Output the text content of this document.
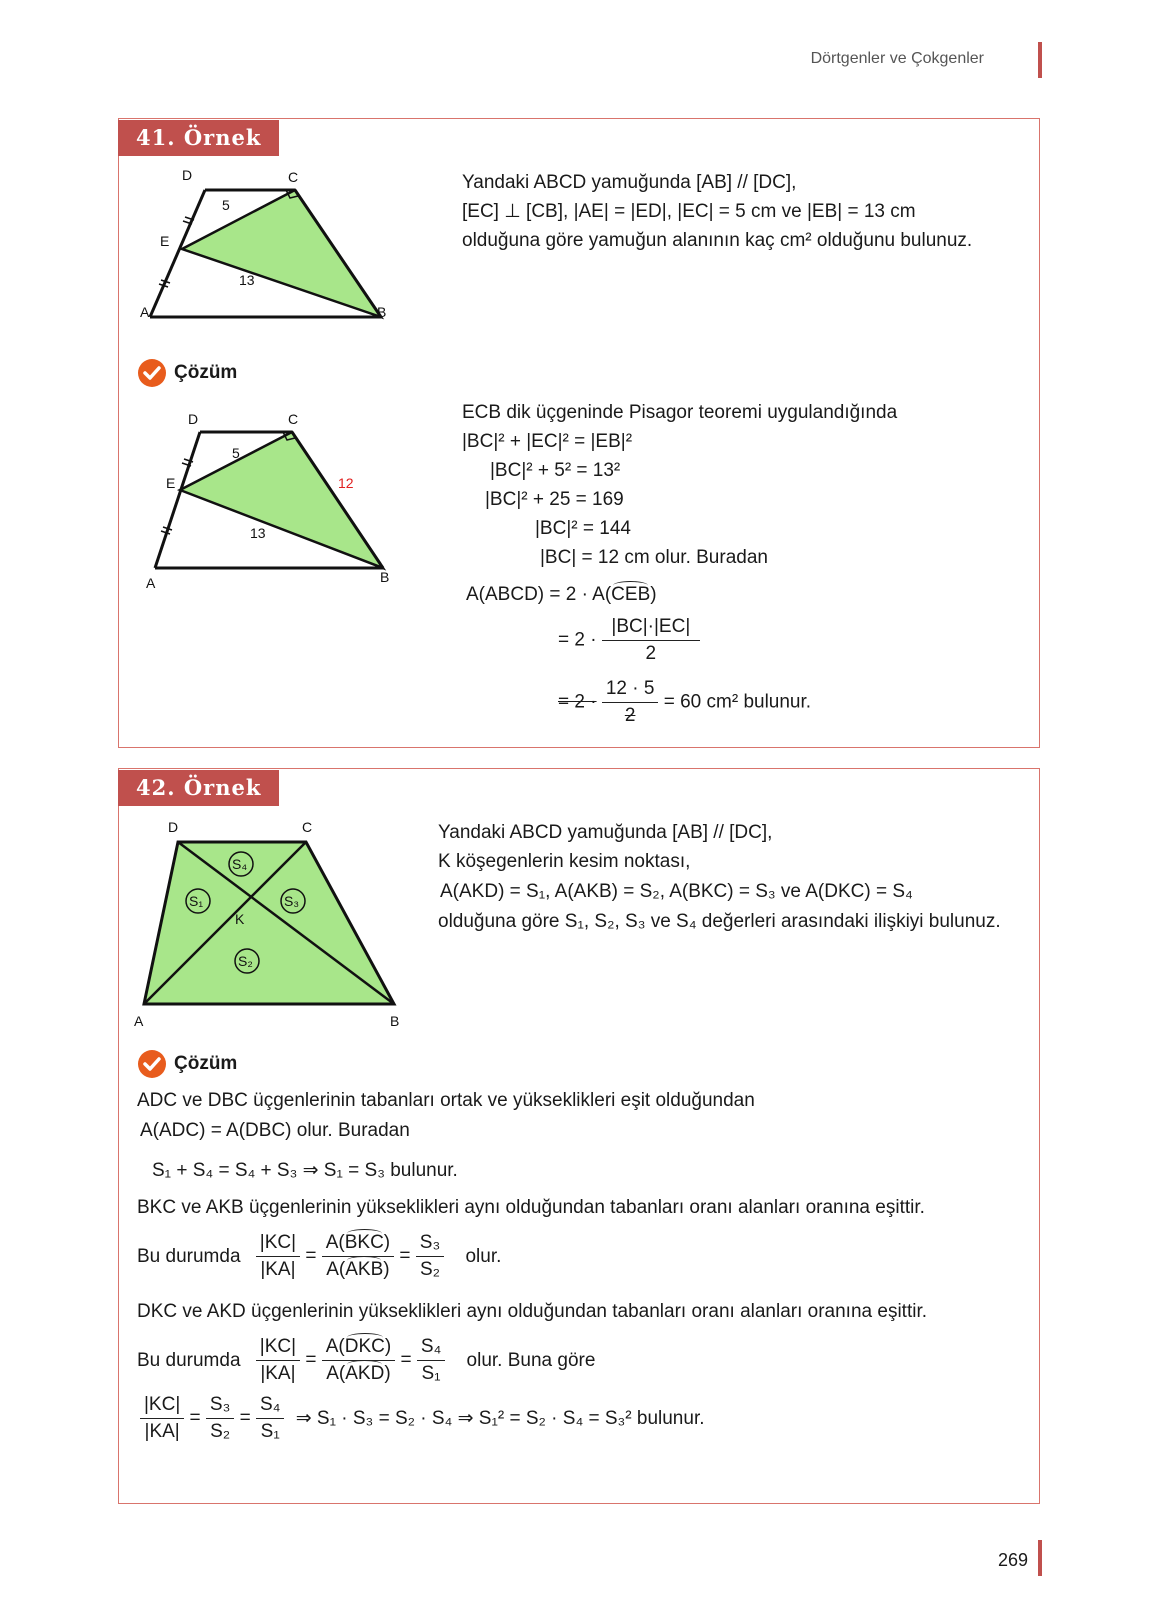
Dörtgenler ve Çokgenler
41. Örnek
D	C
E
A	B
5
13
Yandaki ABCD yamuğunda [AB] // [DC],
[EC] ⊥ [CB], |AE| = |ED|, |EC| = 5 cm ve |EB| = 13 cm
olduğuna göre yamuğun alanının kaç cm² olduğunu bulunuz.
Çözüm
D	C
E
A	B
5
13
12
ECB dik üçgeninde Pisagor teoremi uygulandığında
|BC|² + |EC|² = |EB|²
|BC|² + 5² = 13²
|BC|² + 25 = 169
|BC|² = 144
|BC| = 12 cm olur. Buradan
A(ABCD) = 2 · A(CEB)
= $2 \cdot \frac{|BC|\cdot|EC|}{2}$
= $2 \cdot \frac{12 \cdot 5}{2} = 60$ cm² bulunur.
42. Örnek
S₄
S₁	S₃
S₂
K
D	C
A	B
Yandaki ABCD yamuğunda [AB] // [DC],
K köşegenlerin kesim noktası,
A(AKD) = S₁, A(AKB) = S₂, A(BKC) = S₃ ve A(DKC) = S₄
olduğuna göre S₁, S₂, S₃ ve S₄ değerleri arasındaki ilişkiyi bulunuz.
Çözüm
ADC ve DBC üçgenlerinin tabanları ortak ve yükseklikleri eşit olduğundan
A(ADC) = A(DBC) olur. Buradan
S₁ + S₄ = S₄ + S₃ ⇒ S₁ = S₃ bulunur.
BKC ve AKB üçgenlerinin yükseklikleri aynı olduğundan tabanları oranı alanları oranına eşittir.
Bu durumda $\frac{|KC|}{|KA|} = \frac{\text{A(BKC)}}{\text{A(AKB)}} = \frac{\text{S₃}}{\text{S₂}}$ olur.
DKC ve AKD üçgenlerinin yükseklikleri aynı olduğundan tabanları oranı alanları oranına eşittir.
Bu durumda $\frac{|KC|}{|KA|} = \frac{\text{A(DKC)}}{\text{A(AKD)}} = \frac{\text{S₄}}{\text{S₁}}$ olur. Buna göre
$\frac{|KC|}{|KA|} = \frac{\text{S₃}}{\text{S₂}} = \frac{\text{S₄}}{\text{S₁}}$ ⇒ S₁ · S₃ = S₂ · S₄ ⇒ S₁² = S₂ · S₄ = S₃² bulunur.
269
